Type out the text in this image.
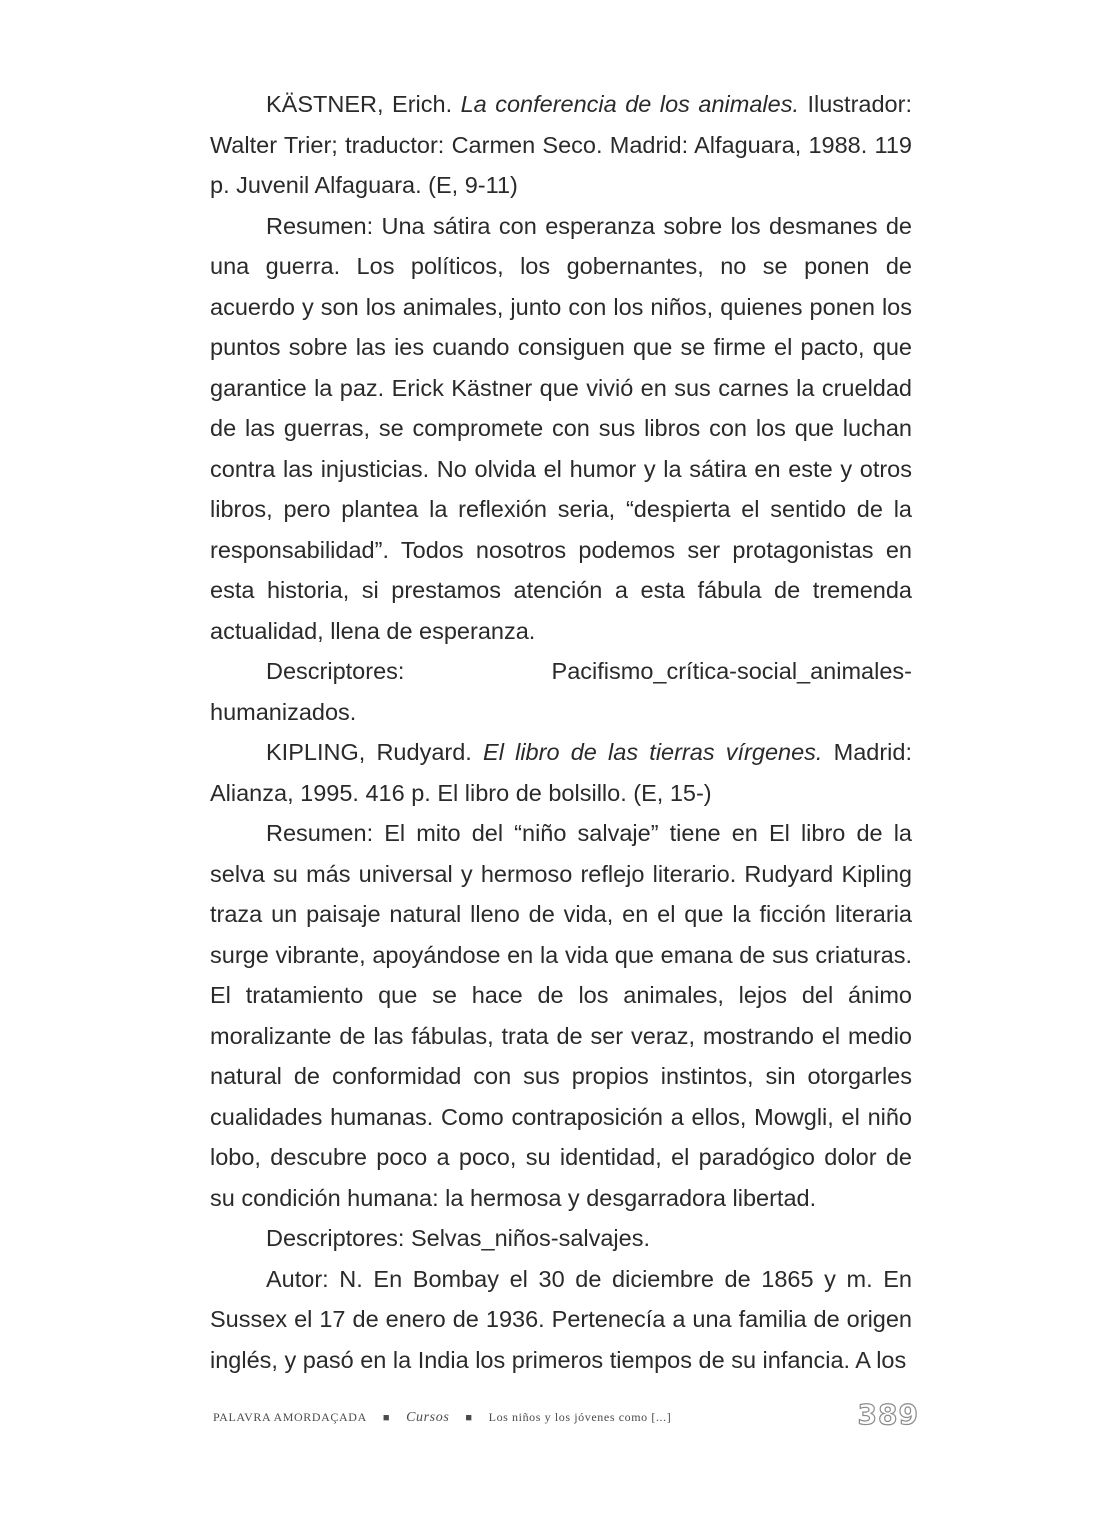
KÄSTNER, Erich. La conferencia de los animales. Ilustrador: Walter Trier; traductor: Carmen Seco. Madrid: Alfaguara, 1988. 119 p. Juvenil Alfaguara. (E, 9-11)

Resumen: Una sátira con esperanza sobre los desmanes de una guerra. Los políticos, los gobernantes, no se ponen de acuerdo y son los animales, junto con los niños, quienes ponen los puntos sobre las ies cuando consiguen que se firme el pacto, que garantice la paz. Erick Kästner que vivió en sus carnes la crueldad de las guerras, se compromete con sus libros con los que luchan contra las injusticias. No olvida el humor y la sátira en este y otros libros, pero plantea la reflexión seria, “despierta el sentido de la responsabilidad”. Todos nosotros podemos ser protagonistas en esta historia, si prestamos atención a esta fábula de tremenda actualidad, llena de esperanza.

Descriptores: Pacifismo_crítica-social_animales-humanizados.

KIPLING, Rudyard. El libro de las tierras vírgenes. Madrid: Alianza, 1995. 416 p. El libro de bolsillo. (E, 15-)

Resumen: El mito del “niño salvaje” tiene en El libro de la selva su más universal y hermoso reflejo literario. Rudyard Kipling traza un paisaje natural lleno de vida, en el que la ficción literaria surge vibrante, apoyándose en la vida que emana de sus criaturas. El tratamiento que se hace de los animales, lejos del ánimo moralizante de las fábulas, trata de ser veraz, mostrando el medio natural de conformidad con sus propios instintos, sin otorgarles cualidades humanas. Como contraposición a ellos, Mowgli, el niño lobo, descubre poco a poco, su identidad, el paradógico dolor de su condición humana: la hermosa y desgarradora libertad.

Descriptores: Selvas_niños-salvajes.

Autor: N. En Bombay el 30 de diciembre de 1865 y m. En Sussex el 17 de enero de 1936. Pertenecía a una familia de origen inglés, y pasó en la India los primeros tiempos de su infancia. A los

PALAVRA AMORDAÇADA ■ Cursos ■ Los niños y los jóvenes como [...]	389
